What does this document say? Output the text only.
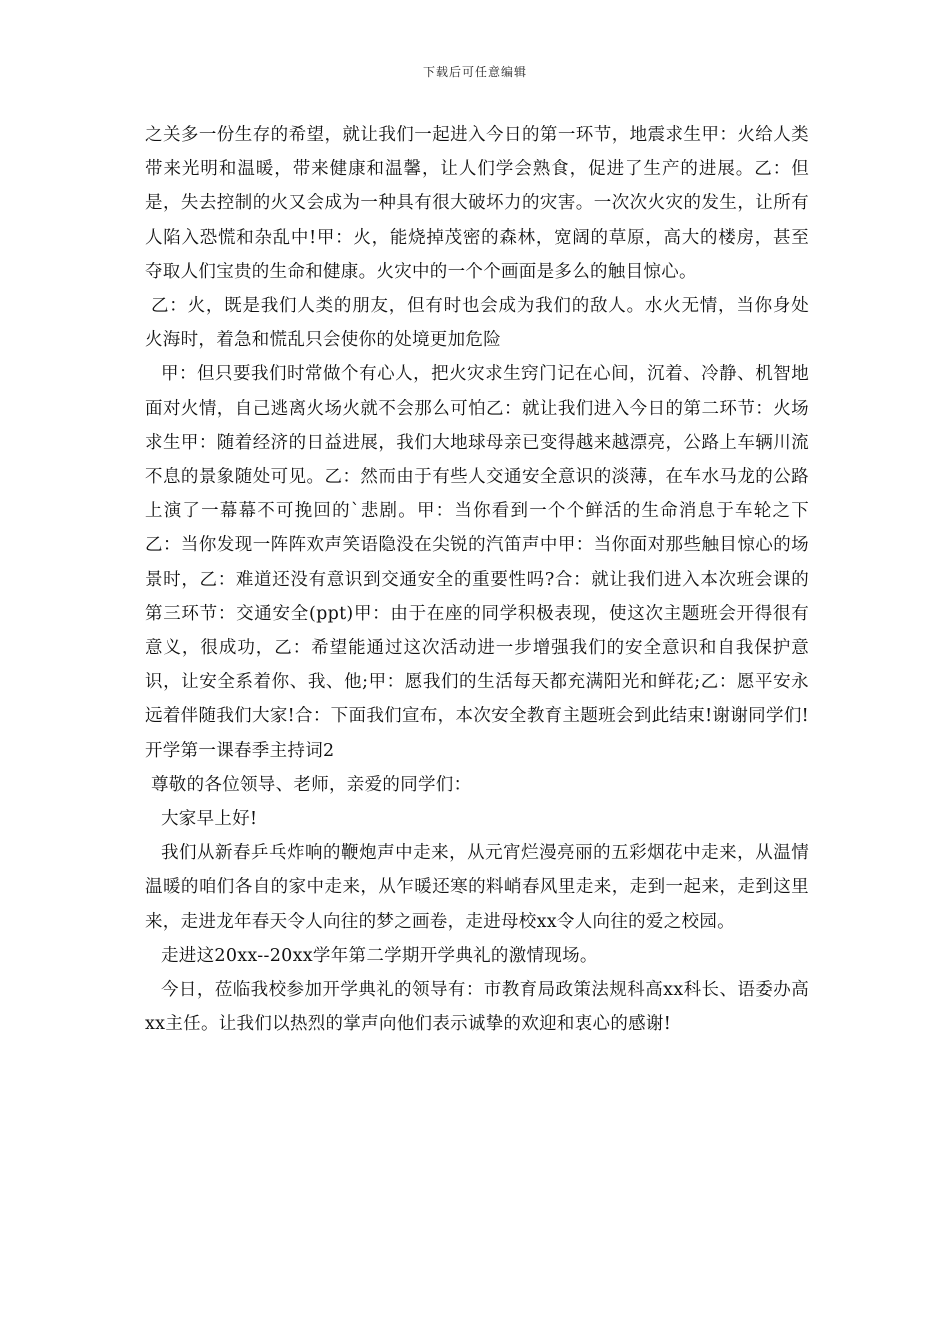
下载后可任意编辑

之关多一份生存的希望，就让我们一起进入今日的第一环节，地震求生甲：火给人类带来光明和温暖，带来健康和温馨，让人们学会熟食，促进了生产的进展。乙：但是，失去控制的火又会成为一种具有很大破坏力的灾害。一次次火灾的发生，让所有人陷入恐慌和杂乱中!甲：火，能烧掉茂密的森林，宽阔的草原，高大的楼房，甚至夺取人们宝贵的生命和健康。火灾中的一个个画面是多么的触目惊心。

乙：火，既是我们人类的朋友，但有时也会成为我们的敌人。水火无情，当你身处火海时，着急和慌乱只会使你的处境更加危险

甲：但只要我们时常做个有心人，把火灾求生窍门记在心间，沉着、冷静、机智地面对火情，自己逃离火场火就不会那么可怕乙：就让我们进入今日的第二环节：火场求生甲：随着经济的日益进展，我们大地球母亲已变得越来越漂亮，公路上车辆川流不息的景象随处可见。乙：然而由于有些人交通安全意识的淡薄，在车水马龙的公路上演了一幕幕不可挽回的`悲剧。甲：当你看到一个个鲜活的生命消息于车轮之下乙：当你发现一阵阵欢声笑语隐没在尖锐的汽笛声中甲：当你面对那些触目惊心的场景时，乙：难道还没有意识到交通安全的重要性吗?合：就让我们进入本次班会课的第三环节：交通安全(ppt)甲：由于在座的同学积极表现，使这次主题班会开得很有意义，很成功，乙：希望能通过这次活动进一步增强我们的安全意识和自我保护意识，让安全系着你、我、他;甲：愿我们的生活每天都充满阳光和鲜花;乙：愿平安永远着伴随我们大家!合：下面我们宣布，本次安全教育主题班会到此结束!谢谢同学们!开学第一课春季主持词2

尊敬的各位领导、老师，亲爱的同学们：

大家早上好!

我们从新春乒乓炸响的鞭炮声中走来，从元宵烂漫亮丽的五彩烟花中走来，从温情温暖的咱们各自的家中走来，从乍暖还寒的料峭春风里走来，走到一起来，走到这里来，走进龙年春天令人向往的梦之画卷，走进母校xx令人向往的爱之校园。

走进这20xx--20xx学年第二学期开学典礼的激情现场。

今日，莅临我校参加开学典礼的领导有：市教育局政策法规科高xx科长、语委办高xx主任。让我们以热烈的掌声向他们表示诚挚的欢迎和衷心的感谢!
